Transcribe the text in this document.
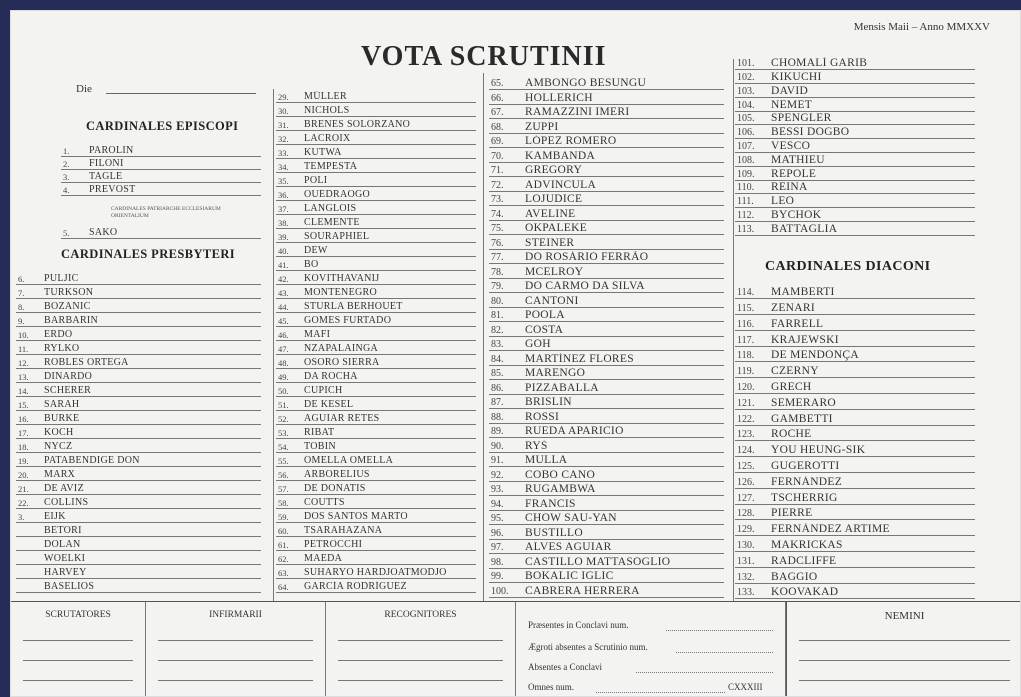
Mensis Maii – Anno MMXXV
VOTA SCRUTINII
Die
CARDINALES EPISCOPI
1.	PAROLIN
2.	FILONI
3.	TAGLE
4.	PREVOST
CARDINALES PATRIARCHE ECCLESIARUM ORIENTALIUM
5.	SAKO
CARDINALES PRESBYTERI
6.	PULJIĆ
7.	TURKSON
8.	BOZANIĆ
9.	BARBARIN
10.	ERDŐ
11.	RYLKO
12.	ROBLES ORTEGA
13.	DINARDO
14.	SCHERER
15.	SARAH
16.	BURKE
17.	KOCH
18.	NYCZ
19.	PATABENDIGE DON
20.	MARX
21.	DE AVIZ
22.	COLLINS
3.	EIJK
BETORI
DOLAN
WOELKI
HARVEY
BASELIOS
29.	MÜLLER
30.	NICHOLS
31.	BRENES SOLÓRZANO
32.	LACROIX
33.	KUTWA
34.	TEMPESTA
35.	POLI
36.	OUÉDRAOGO
37.	LANGLOIS
38.	CLEMENTE
39.	SOURAPHIEL
40.	DEW
41.	BO
42.	KOVITHAVANIJ
43.	MONTENEGRO
44.	STURLA BERHOUET
45.	GOMES FURTADO
46.	MAFI
47.	NZAPALAINGA
48.	OSORO SIERRA
49.	DA ROCHA
50.	CUPICH
51.	DE KESEL
52.	AGUIAR RETES
53.	RIBAT
54.	TOBIN
55.	OMELLA OMELLA
56.	ARBORELIUS
57.	DE DONATIS
58.	COUTTS
59.	DOS SANTOS MARTO
60.	TSARAHAZANA
61.	PETROCCHI
62.	MAEDA
63.	SUHARYO HARDJOATMODJO
64.	GARCÍA RODRÍGUEZ
65.	AMBONGO BESUNGU
66.	HOLLERICH
67.	RAMAZZINI IMERI
68.	ZUPPI
69.	LÓPEZ ROMERO
70.	KAMBANDA
71.	GREGORY
72.	ADVINCULA
73.	LOJUDICE
74.	AVELINE
75.	OKPALEKE
76.	STEINER
77.	DO ROSÁRIO FERRÃO
78.	MCELROY
79.	DO CARMO DA SILVA
80.	CANTONI
81.	POOLA
82.	COSTA
83.	GOH
84.	MARTÍNEZ FLORES
85.	MARENGO
86.	PIZZABALLA
87.	BRISLIN
88.	ROSSI
89.	RUEDA APARICIO
90.	RYŚ
91.	MULLA
92.	COBO CANO
93.	RUGAMBWA
94.	FRANCIS
95.	CHOW SAU-YAN
96.	BUSTILLO
97.	ALVES AGUIAR
98.	CASTILLO MATTASOGLIO
99.	BOKALIC IGLIC
100.	CABRERA HERRERA
101.	CHOMALÍ GARIB
102.	KIKUCHI
103.	DAVID
104.	NEMET
105.	SPENGLER
106.	BESSI DOGBO
107.	VESCO
108.	MATHIEU
109.	REPOLE
110.	REINA
111.	LEO
112.	BYCHOK
113.	BATTAGLIA
CARDINALES DIACONI
114.	MAMBERTI
115.	ZENARI
116.	FARRELL
117.	KRAJEWSKI
118.	DE MENDONÇA
119.	CZERNY
120.	GRECH
121.	SEMERARO
122.	GAMBETTI
123.	ROCHE
124.	YOU HEUNG-SIK
125.	GUGEROTTI
126.	FERNÁNDEZ
127.	TSCHERRIG
128.	PIERRE
129.	FERNÁNDEZ ARTIME
130.	MAKRICKAS
131.	RADCLIFFE
132.	BAGGIO
133.	KOOVAKAD
SCRUTATORES	INFIRMARII	RECOGNITORES
Præsentes in Conclavi num.
Ægroti absentes a Scrutinio num.
Absentes a Conclavi
Omnes num.	CXXXIII
NEMINI
